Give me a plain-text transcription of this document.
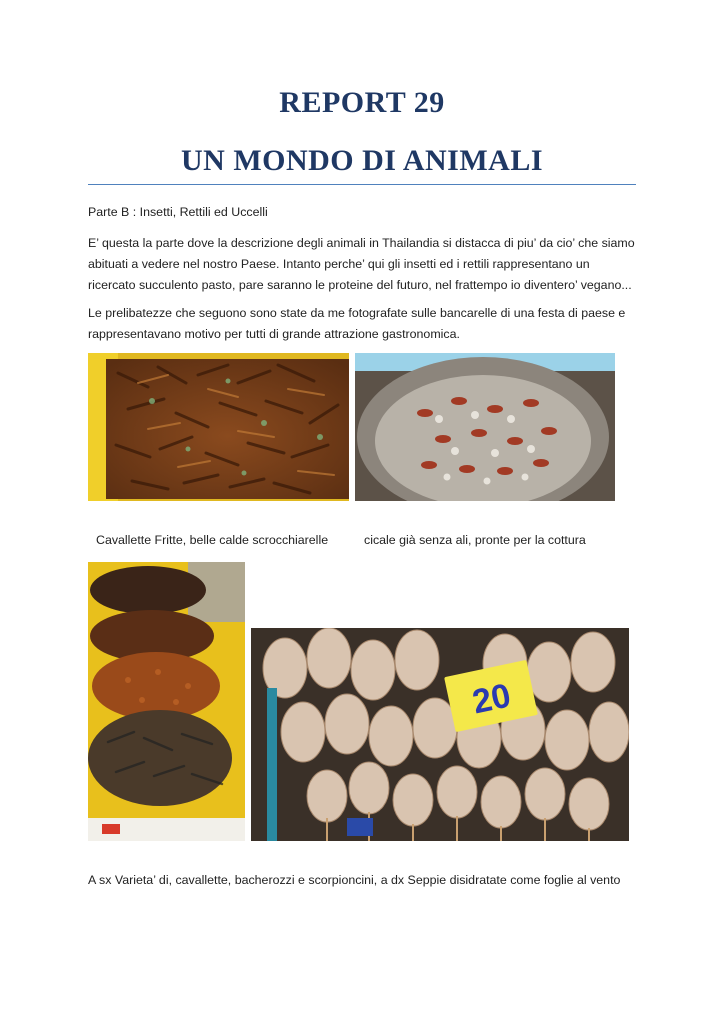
REPORT 29
UN MONDO DI ANIMALI

Parte B : Insetti, Rettili ed Uccelli

E’ questa la parte dove la descrizione degli animali in Thailandia si distacca di piu’ da cio’ che siamo abituati a vedere nel nostro Paese. Intanto perche’ qui gli insetti ed i rettili rappresentano un ricercato succulento pasto, pare saranno le proteine del futuro, nel frattempo io diventero’ vegano...

Le prelibatezze che seguono sono state da me fotografate sulle bancarelle di una festa di paese e rappresentavano motivo per tutti di grande attrazione gastronomica.

Cavallette Fritte, belle calde scrocchiarelle	cicale già senza ali, pronte per la cottura

20

A sx Varieta’ di, cavallette, bacherozzi e scorpioncini, a dx Seppie disidratate come foglie al vento
